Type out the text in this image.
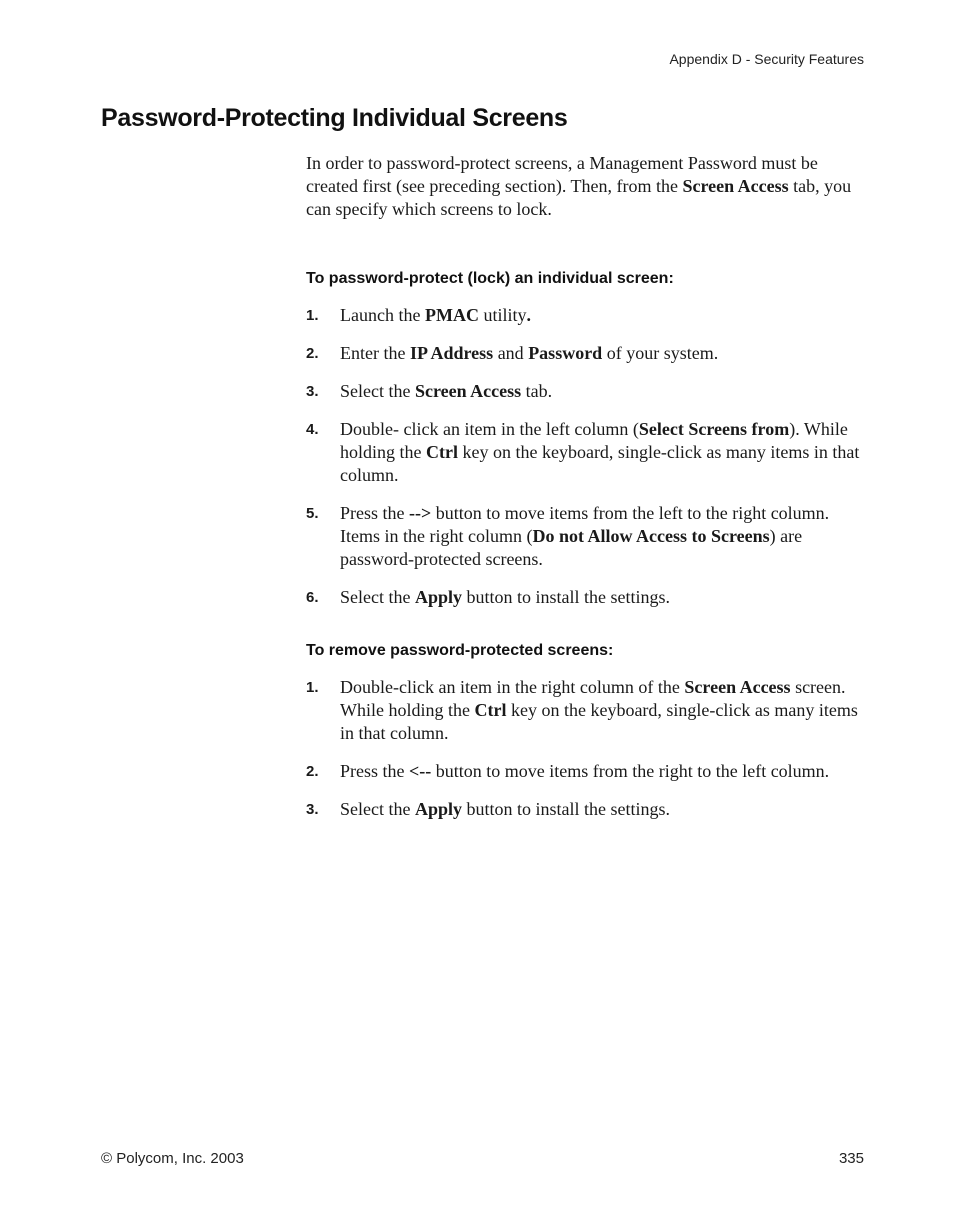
Appendix D - Security Features
Password-Protecting Individual Screens

In order to password-protect screens, a Management Password must be created first (see preceding section). Then, from the Screen Access tab, you can specify which screens to lock.

To password-protect (lock) an individual screen:
1.	Launch the PMAC utility.
2.	Enter the IP Address and Password of your system.
3.	Select the Screen Access tab.
4.	Double- click an item in the left column (Select Screens from). While holding the Ctrl key on the keyboard, single-click as many items in that column.
5.	Press the --> button to move items from the left to the right column. Items in the right column (Do not Allow Access to Screens) are password-protected screens.
6.	Select the Apply button to install the settings.
To remove password-protected screens:
1.	Double-click an item in the right column of the Screen Access screen. While holding the Ctrl key on the keyboard, single-click as many items in that column.
2.	Press the <-- button to move items from the right to the left column.
3.	Select the Apply button to install the settings.
© Polycom, Inc. 2003	335
